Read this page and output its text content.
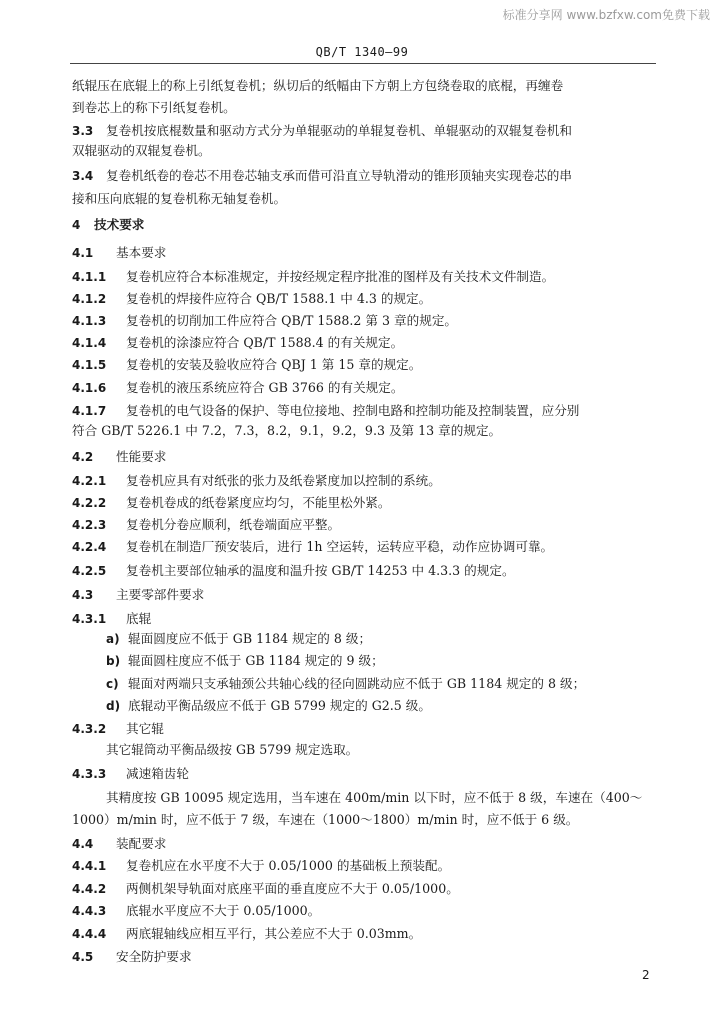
标准分享网 www.bzfxw.com免费下载
QB/T 1340—99
纸辊压在底辊上的称上引纸复卷机；纵切后的纸幅由下方朝上方包绕卷取的底棍，再缠卷
到卷芯上的称下引纸复卷机。
3.3 复卷机按底棍数量和驱动方式分为单辊驱动的单辊复卷机、单辊驱动的双辊复卷机和
双辊驱动的双辊复卷机。
3.4 复卷机纸卷的卷芯不用卷芯轴支承而借可沿直立导轨滑动的锥形顶轴夹实现卷芯的串
接和压向底辊的复卷机称无轴复卷机。
4 技术要求
4.1 基本要求
4.1.1 复卷机应符合本标准规定，并按经规定程序批准的图样及有关技术文件制造。
4.1.2 复卷机的焊接件应符合 QB/T 1588.1 中 4.3 的规定。
4.1.3 复卷机的切削加工件应符合 QB/T 1588.2 第 3 章的规定。
4.1.4 复卷机的涂漆应符合 QB/T 1588.4 的有关规定。
4.1.5 复卷机的安装及验收应符合 QBJ 1 第 15 章的规定。
4.1.6 复卷机的液压系统应符合 GB 3766 的有关规定。
4.1.7 复卷机的电气设备的保护、等电位接地、控制电路和控制功能及控制装置，应分别
符合 GB/T 5226.1 中 7.2，7.3，8.2，9.1，9.2，9.3 及第 13 章的规定。
4.2 性能要求
4.2.1 复卷机应具有对纸张的张力及纸卷紧度加以控制的系统。
4.2.2 复卷机卷成的纸卷紧度应均匀，不能里松外紧。
4.2.3 复卷机分卷应顺利，纸卷端面应平整。
4.2.4 复卷机在制造厂预安装后，进行 1h 空运转，运转应平稳，动作应协调可靠。
4.2.5 复卷机主要部位轴承的温度和温升按 GB/T 14253 中 4.3.3 的规定。
4.3 主要零部件要求
4.3.1 底辊
a) 辊面圆度应不低于 GB 1184 规定的 8 级；
b) 辊面圆柱度应不低于 GB 1184 规定的 9 级；
c) 辊面对两端只支承轴颈公共轴心线的径向圆跳动应不低于 GB 1184 规定的 8 级；
d) 底辊动平衡品级应不低于 GB 5799 规定的 G2.5 级。
4.3.2 其它辊
其它辊筒动平衡品级按 GB 5799 规定选取。
4.3.3 减速箱齿轮
其精度按 GB 10095 规定选用，当车速在 400m/min 以下时，应不低于 8 级，车速在（400～
1000）m/min 时，应不低于 7 级，车速在（1000～1800）m/min 时，应不低于 6 级。
4.4 装配要求
4.4.1 复卷机应在水平度不大于 0.05/1000 的基础板上预装配。
4.4.2 两侧机架导轨面对底座平面的垂直度应不大于 0.05/1000。
4.4.3 底辊水平度应不大于 0.05/1000。
4.4.4 两底辊轴线应相互平行，其公差应不大于 0.03mm。
4.5 安全防护要求
2
